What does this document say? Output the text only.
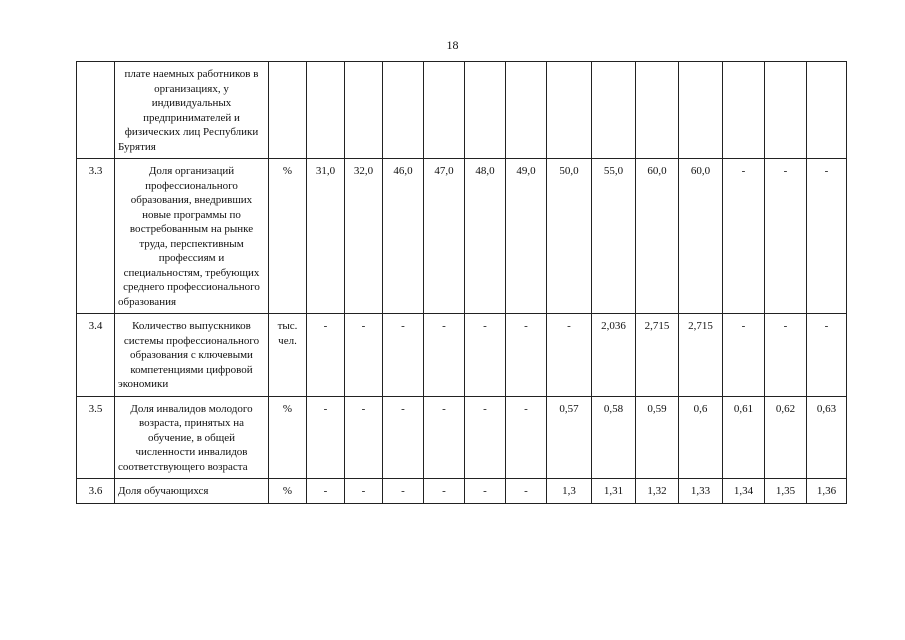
18
	плате наемных работников в организациях, у индивидуальных предпринимателей и физических лиц Республики Бурятия														
3.3	Доля организаций профессионального образования, внедривших новые программы по востребованным на рынке труда, перспективным профессиям и специальностям, требующих среднего профессионального образования	%	31,0	32,0	46,0	47,0	48,0	49,0	50,0	55,0	60,0	60,0	-	-	-
3.4	Количество выпускников системы профессионального образования с ключевыми компетенциями цифровой экономики	тыс. чел.	-	-	-	-	-	-	-	2,036	2,715	2,715	-	-	-
3.5	Доля инвалидов молодого возраста, принятых на обучение, в общей численности инвалидов соответствующего возраста	%	-	-	-	-	-	-	0,57	0,58	0,59	0,6	0,61	0,62	0,63
3.6	Доля обучающихся	%	-	-	-	-	-	-	1,3	1,31	1,32	1,33	1,34	1,35	1,36
